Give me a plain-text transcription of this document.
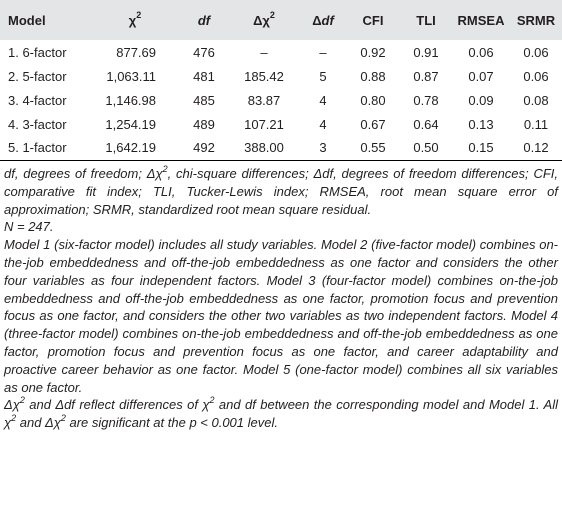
Model	$\chi^2$	df	$\Delta\chi^2$	Δdf	CFI	TLI	RMSEA	SRMR
1. 6-factor	877.69	476	–	–	0.92	0.91	0.06	0.06
2. 5-factor	1,063.11	481	185.42	5	0.88	0.87	0.07	0.06
3. 4-factor	1,146.98	485	83.87	4	0.80	0.78	0.09	0.08
4. 3-factor	1,254.19	489	107.21	4	0.67	0.64	0.13	0.11
5. 1-factor	1,642.19	492	388.00	3	0.55	0.50	0.15	0.12

df, degrees of freedom; $\Delta\chi^2$, chi-square differences; Δdf, degrees of freedom differences; CFI, comparative fit index; TLI, Tucker-Lewis index; RMSEA, root mean square error of approximation; SRMR, standardized root mean square residual.

N = 247.

Model 1 (six-factor model) includes all study variables. Model 2 (five-factor model) combines on-the-job embeddedness and off-the-job embeddedness as one factor and considers the other four variables as four independent factors. Model 3 (four-factor model) combines on-the-job embeddedness and off-the-job embeddedness as one factor, promotion focus and prevention focus as one factor, and considers the other two variables as two independent factors. Model 4 (three-factor model) combines on-the-job embeddedness and off-the-job embeddedness as one factor, promotion focus and prevention focus as one factor, and career adaptability and proactive career behavior as one factor. Model 5 (one-factor model) combines all six variables as one factor.

$\Delta\chi^2$ and Δdf reflect differences of $\chi^2$ and df between the corresponding model and Model 1. All $\chi^2$ and $\Delta\chi^2$ are significant at the p < 0.001 level.
